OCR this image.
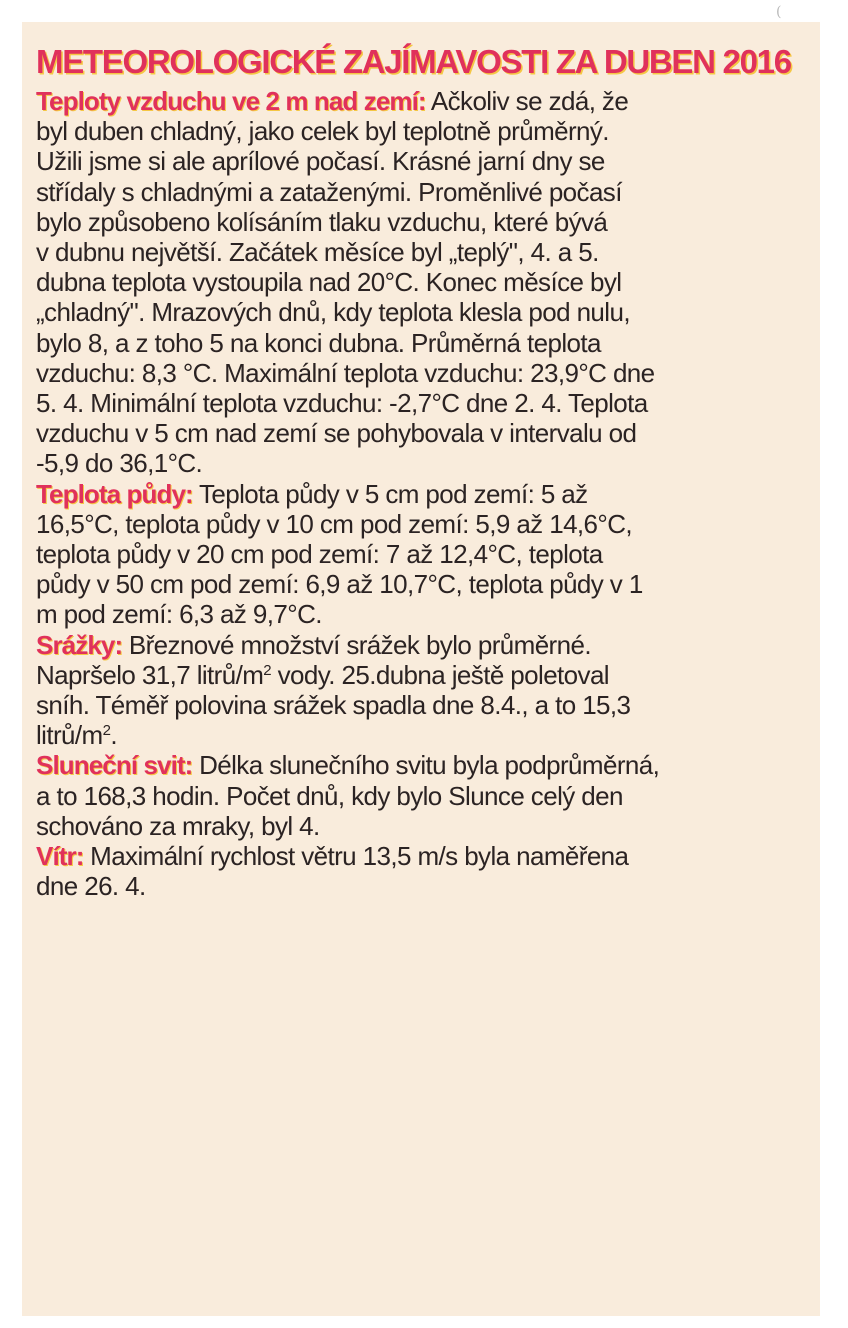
(
METEOROLOGICKÉ ZAJÍMAVOSTI ZA DUBEN 2016

Teploty vzduchu ve 2 m nad zemí: Ačkoliv se zdá, že
byl duben chladný, jako celek byl teplotně průměrný.
Užili jsme si ale aprílové počasí. Krásné jarní dny se
střídaly s chladnými a zataženými. Proměnlivé počasí
bylo způsobeno kolísáním tlaku vzduchu, které bývá
v dubnu největší. Začátek měsíce byl „teplý", 4. a 5.
dubna teplota vystoupila nad 20°C. Konec měsíce byl
„chladný". Mrazových dnů, kdy teplota klesla pod nulu,
bylo 8, a z toho 5 na konci dubna. Průměrná teplota
vzduchu: 8,3 °C. Maximální teplota vzduchu: 23,9°C dne
5. 4. Minimální teplota vzduchu: -2,7°C dne 2. 4. Teplota
vzduchu v 5 cm nad zemí se pohybovala v intervalu od
-5,9 do 36,1°C.

Teplota půdy: Teplota půdy v 5 cm pod zemí: 5 až
16,5°C, teplota půdy v 10 cm pod zemí: 5,9 až 14,6°C,
teplota půdy v 20 cm pod zemí: 7 až 12,4°C, teplota
půdy v 50 cm pod zemí: 6,9 až 10,7°C, teplota půdy v 1
m pod zemí: 6,3 až 9,7°C.

Srážky: Březnové množství srážek bylo průměrné.
Napršelo 31,7 litrů/$m^2$ vody. 25.dubna ještě poletoval
sníh. Téměř polovina srážek spadla dne 8.4., a to 15,3
litrů/$m^2$.

Sluneční svit: Délka slunečního svitu byla podprůměrná,
a to 168,3 hodin. Počet dnů, kdy bylo Slunce celý den
schováno za mraky, byl 4.

Vítr: Maximální rychlost větru 13,5 m/s byla naměřena
dne 26. 4.
